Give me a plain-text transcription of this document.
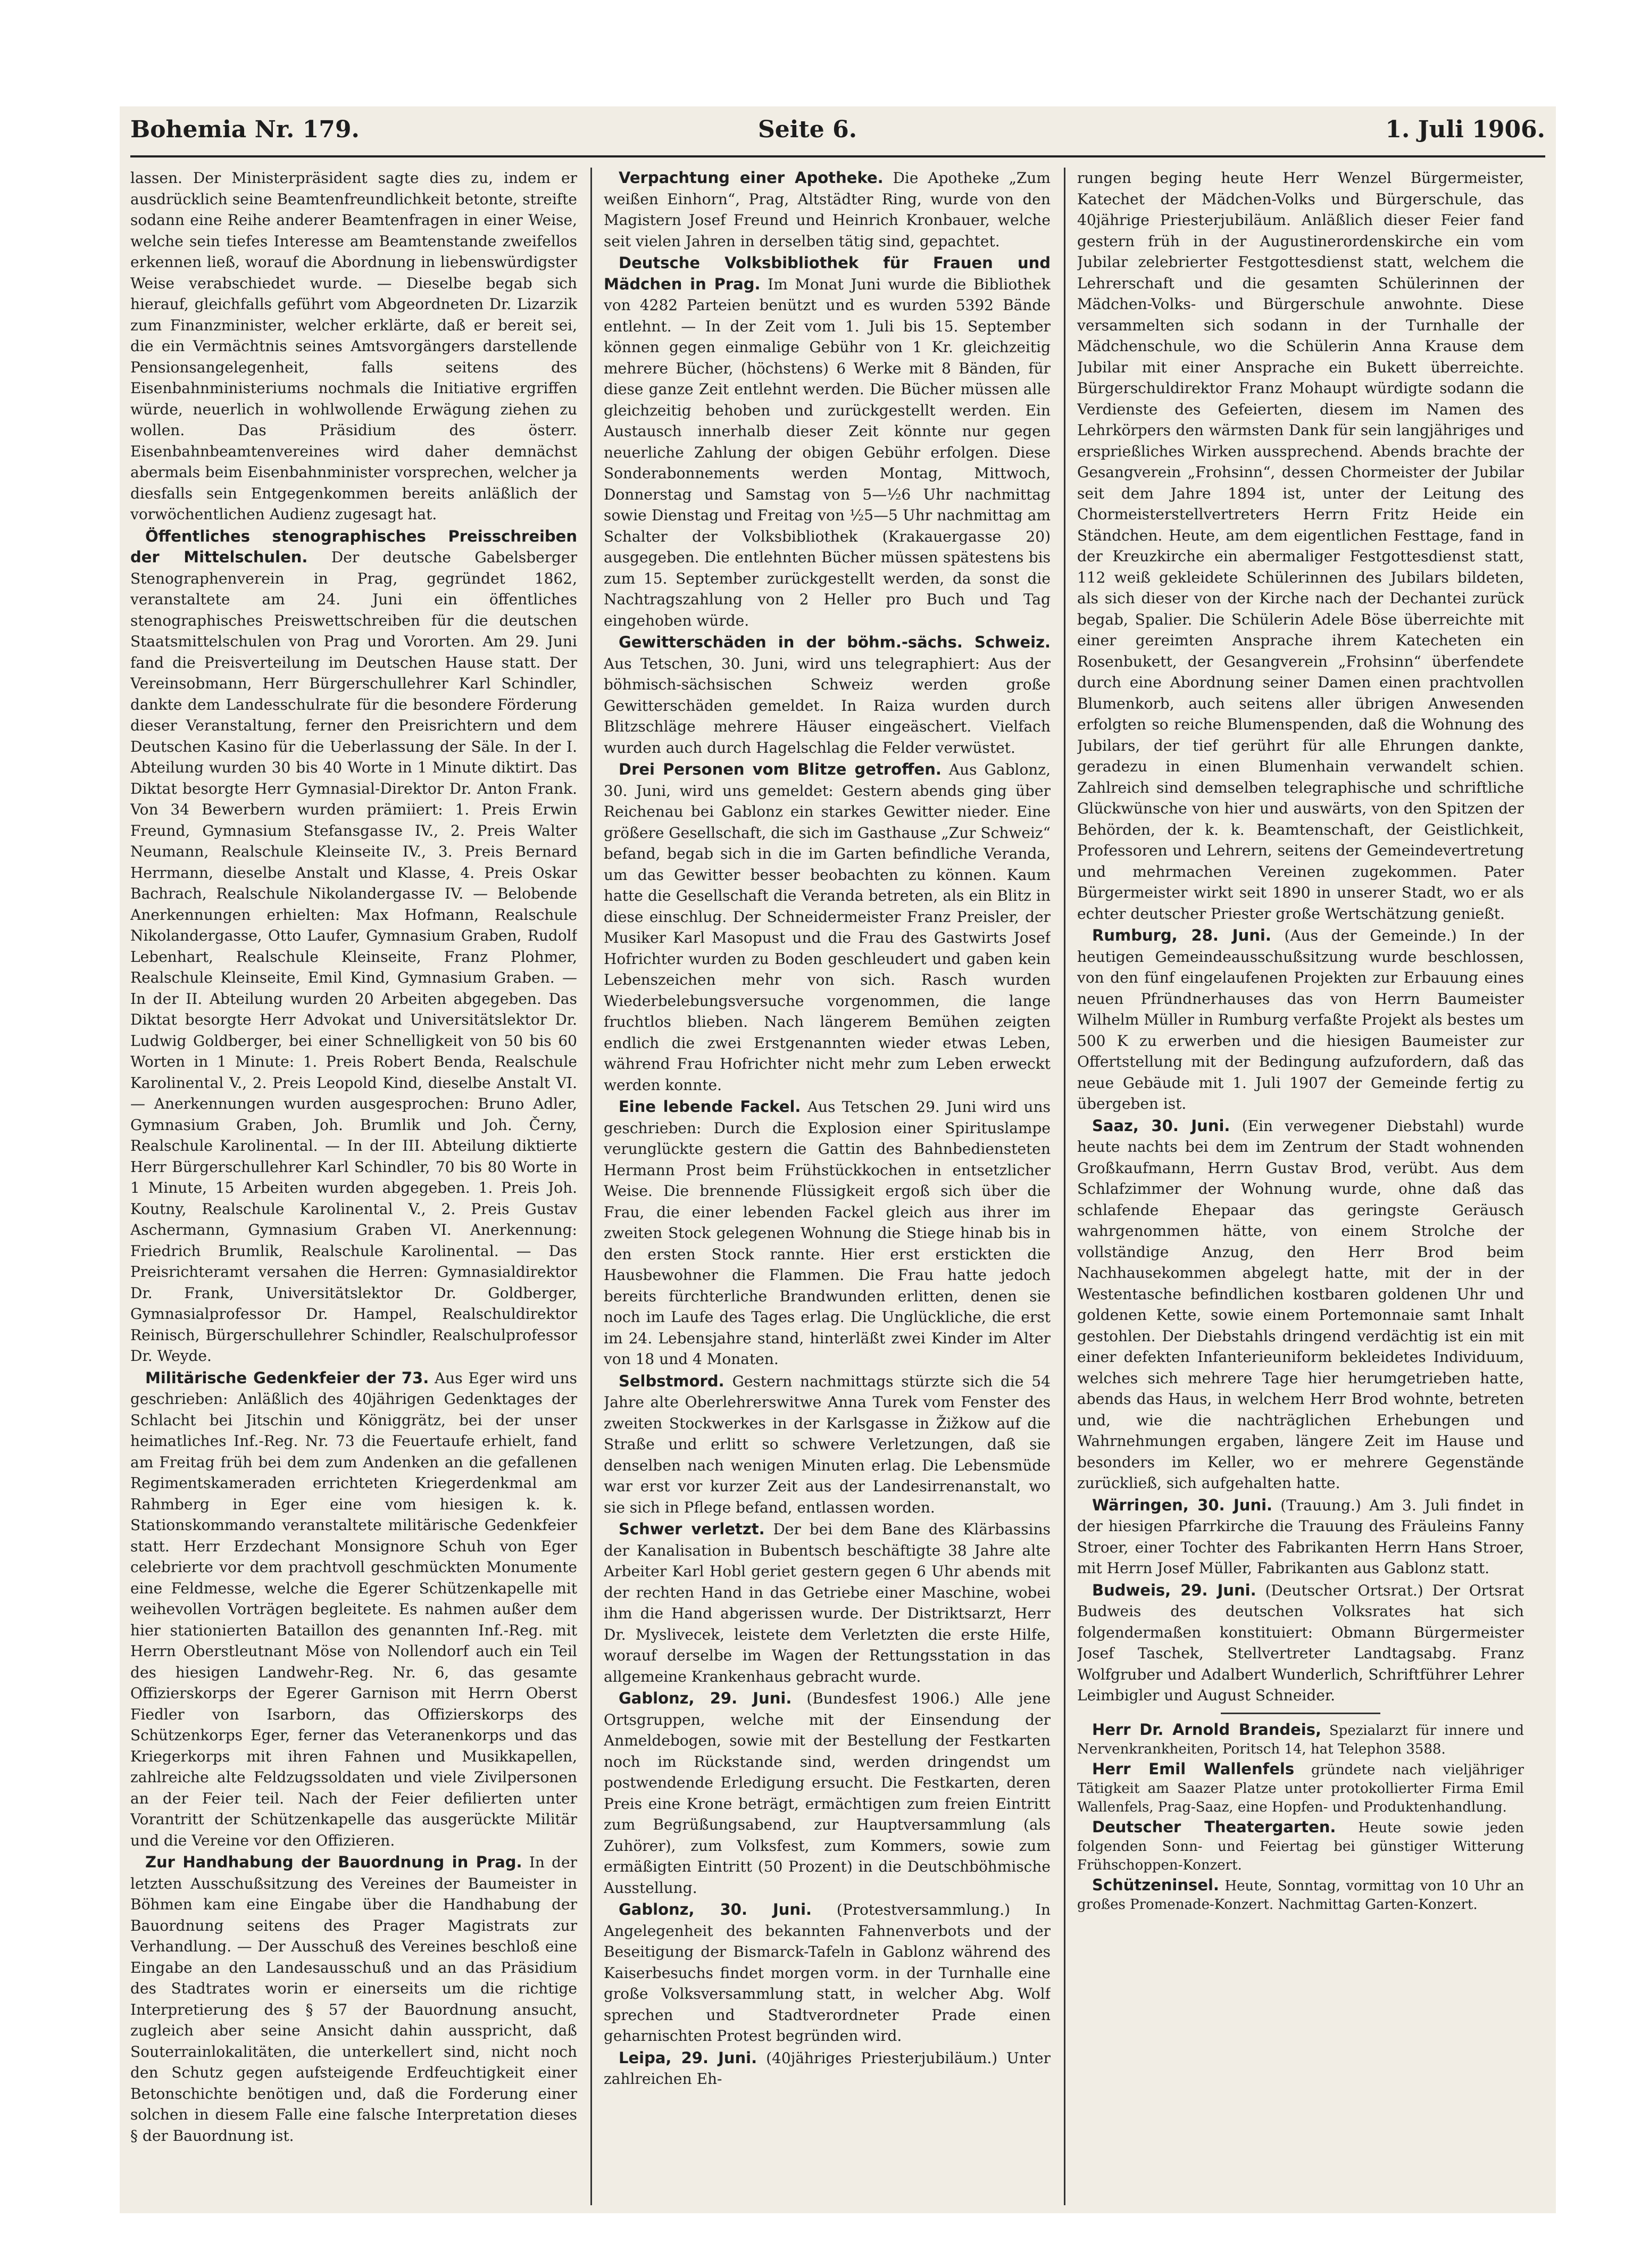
Bohemia Nr. 179.	Seite 6.	1. Juli 1906.

lassen. Der Ministerpräsident sagte dies zu, indem er ausdrücklich seine Beamtenfreundlichkeit betonte, streifte sodann eine Reihe anderer Beamtenfragen in einer Weise, welche sein tiefes Interesse am Beamtenstande zweifellos erkennen ließ, worauf die Abordnung in liebenswürdigster Weise verabschiedet wurde. — Dieselbe begab sich hierauf, gleichfalls geführt vom Abgeordneten Dr. Lizarzik zum Finanzminister, welcher erklärte, daß er bereit sei, die ein Vermächtnis seines Amtsvorgängers darstellende Pensionsangelegenheit, falls seitens des Eisenbahnministeriums nochmals die Initiative ergriffen würde, neuerlich in wohlwollende Erwägung ziehen zu wollen. Das Präsidium des österr. Eisenbahnbeamtenvereines wird daher demnächst abermals beim Eisenbahnminister vorsprechen, welcher ja diesfalls sein Entgegenkommen bereits anläßlich der vorwöchentlichen Audienz zugesagt hat.

Öffentliches stenographisches Preisschreiben der Mittelschulen. Der deutsche Gabelsberger Stenographenverein in Prag, gegründet 1862, veranstaltete am 24. Juni ein öffentliches stenographisches Preiswettschreiben für die deutschen Staatsmittelschulen von Prag und Vororten. Am 29. Juni fand die Preisverteilung im Deutschen Hause statt. Der Vereinsobmann, Herr Bürgerschullehrer Karl Schindler, dankte dem Landesschulrate für die besondere Förderung dieser Veranstaltung, ferner den Preisrichtern und dem Deutschen Kasino für die Ueberlassung der Säle. In der I. Abteilung wurden 30 bis 40 Worte in 1 Minute diktirt. Das Diktat besorgte Herr Gymnasial-Direktor Dr. Anton Frank. Von 34 Bewerbern wurden prämiiert: 1. Preis Erwin Freund, Gymnasium Stefansgasse IV., 2. Preis Walter Neumann, Realschule Kleinseite IV., 3. Preis Bernard Herrmann, dieselbe Anstalt und Klasse, 4. Preis Oskar Bachrach, Realschule Nikolandergasse IV. — Belobende Anerkennungen erhielten: Max Hofmann, Realschule Nikolandergasse, Otto Laufer, Gymnasium Graben, Rudolf Lebenhart, Realschule Kleinseite, Franz Plohmer, Realschule Kleinseite, Emil Kind, Gymnasium Graben. — In der II. Abteilung wurden 20 Arbeiten abgegeben. Das Diktat besorgte Herr Advokat und Universitätslektor Dr. Ludwig Goldberger, bei einer Schnelligkeit von 50 bis 60 Worten in 1 Minute: 1. Preis Robert Benda, Realschule Karolinental V., 2. Preis Leopold Kind, dieselbe Anstalt VI. — Anerkennungen wurden ausgesprochen: Bruno Adler, Gymnasium Graben, Joh. Brumlik und Joh. Černy, Realschule Karolinental. — In der III. Abteilung diktierte Herr Bürgerschullehrer Karl Schindler, 70 bis 80 Worte in 1 Minute, 15 Arbeiten wurden abgegeben. 1. Preis Joh. Koutny, Realschule Karolinental V., 2. Preis Gustav Aschermann, Gymnasium Graben VI. Anerkennung: Friedrich Brumlik, Realschule Karolinental. — Das Preisrichteramt versahen die Herren: Gymnasialdirektor Dr. Frank, Universitätslektor Dr. Goldberger, Gymnasialprofessor Dr. Hampel, Realschuldirektor Reinisch, Bürgerschullehrer Schindler, Realschulprofessor Dr. Weyde.

Militärische Gedenkfeier der 73. Aus Eger wird uns geschrieben: Anläßlich des 40jährigen Gedenktages der Schlacht bei Jitschin und Königgrätz, bei der unser heimatliches Inf.-Reg. Nr. 73 die Feuertaufe erhielt, fand am Freitag früh bei dem zum Andenken an die gefallenen Regimentskameraden errichteten Kriegerdenkmal am Rahmberg in Eger eine vom hiesigen k. k. Stationskommando veranstaltete militärische Gedenkfeier statt. Herr Erzdechant Monsignore Schuh von Eger celebrierte vor dem prachtvoll geschmückten Monumente eine Feldmesse, welche die Egerer Schützenkapelle mit weihevollen Vorträgen begleitete. Es nahmen außer dem hier stationierten Bataillon des genannten Inf.-Reg. mit Herrn Oberstleutnant Möse von Nollendorf auch ein Teil des hiesigen Landwehr-Reg. Nr. 6, das gesamte Offizierskorps der Egerer Garnison mit Herrn Oberst Fiedler von Isarborn, das Offizierskorps des Schützenkorps Eger, ferner das Veteranenkorps und das Kriegerkorps mit ihren Fahnen und Musikkapellen, zahlreiche alte Feldzugssoldaten und viele Zivilpersonen an der Feier teil. Nach der Feier defilierten unter Vorantritt der Schützenkapelle das ausgerückte Militär und die Vereine vor den Offizieren.

Zur Handhabung der Bauordnung in Prag. In der letzten Ausschußsitzung des Vereines der Baumeister in Böhmen kam eine Eingabe über die Handhabung der Bauordnung seitens des Prager Magistrats zur Verhandlung. — Der Ausschuß des Vereines beschloß eine Eingabe an den Landesausschuß und an das Präsidium des Stadtrates worin er einerseits um die richtige Interpretierung des § 57 der Bauordnung ansucht, zugleich aber seine Ansicht dahin ausspricht, daß Souterrainlokalitäten, die unterkellert sind, nicht noch den Schutz gegen aufsteigende Erdfeuchtigkeit einer Betonschichte benötigen und, daß die Forderung einer solchen in diesem Falle eine falsche Interpretation dieses § der Bauordnung ist.

Verpachtung einer Apotheke. Die Apotheke „Zum weißen Einhorn“, Prag, Altstädter Ring, wurde von den Magistern Josef Freund und Heinrich Kronbauer, welche seit vielen Jahren in derselben tätig sind, gepachtet.

Deutsche Volksbibliothek für Frauen und Mädchen in Prag. Im Monat Juni wurde die Bibliothek von 4282 Parteien benützt und es wurden 5392 Bände entlehnt. — In der Zeit vom 1. Juli bis 15. September können gegen einmalige Gebühr von 1 Kr. gleichzeitig mehrere Bücher, (höchstens) 6 Werke mit 8 Bänden, für diese ganze Zeit entlehnt werden. Die Bücher müssen alle gleichzeitig behoben und zurückgestellt werden. Ein Austausch innerhalb dieser Zeit könnte nur gegen neuerliche Zahlung der obigen Gebühr erfolgen. Diese Sonderabonnements werden Montag, Mittwoch, Donnerstag und Samstag von 5—½6 Uhr nachmittag sowie Dienstag und Freitag von ½5—5 Uhr nachmittag am Schalter der Volksbibliothek (Krakauergasse 20) ausgegeben. Die entlehnten Bücher müssen spätestens bis zum 15. September zurückgestellt werden, da sonst die Nachtragszahlung von 2 Heller pro Buch und Tag eingehoben würde.

Gewitterschäden in der böhm.-sächs. Schweiz. Aus Tetschen, 30. Juni, wird uns telegraphiert: Aus der böhmisch-sächsischen Schweiz werden große Gewitterschäden gemeldet. In Raiza wurden durch Blitzschläge mehrere Häuser eingeäschert. Vielfach wurden auch durch Hagelschlag die Felder verwüstet.

Drei Personen vom Blitze getroffen. Aus Gablonz, 30. Juni, wird uns gemeldet: Gestern abends ging über Reichenau bei Gablonz ein starkes Gewitter nieder. Eine größere Gesellschaft, die sich im Gasthause „Zur Schweiz“ befand, begab sich in die im Garten befindliche Veranda, um das Gewitter besser beobachten zu können. Kaum hatte die Gesellschaft die Veranda betreten, als ein Blitz in diese einschlug. Der Schneidermeister Franz Preisler, der Musiker Karl Masopust und die Frau des Gastwirts Josef Hofrichter wurden zu Boden geschleudert und gaben kein Lebenszeichen mehr von sich. Rasch wurden Wiederbelebungsversuche vorgenommen, die lange fruchtlos blieben. Nach längerem Bemühen zeigten endlich die zwei Erstgenannten wieder etwas Leben, während Frau Hofrichter nicht mehr zum Leben erweckt werden konnte.

Eine lebende Fackel. Aus Tetschen 29. Juni wird uns geschrieben: Durch die Explosion einer Spirituslampe verunglückte gestern die Gattin des Bahnbediensteten Hermann Prost beim Frühstückkochen in entsetzlicher Weise. Die brennende Flüssigkeit ergoß sich über die Frau, die einer lebenden Fackel gleich aus ihrer im zweiten Stock gelegenen Wohnung die Stiege hinab bis in den ersten Stock rannte. Hier erst erstickten die Hausbewohner die Flammen. Die Frau hatte jedoch bereits fürchterliche Brandwunden erlitten, denen sie noch im Laufe des Tages erlag. Die Unglückliche, die erst im 24. Lebensjahre stand, hinterläßt zwei Kinder im Alter von 18 und 4 Monaten.

Selbstmord. Gestern nachmittags stürzte sich die 54 Jahre alte Oberlehrerswitwe Anna Turek vom Fenster des zweiten Stockwerkes in der Karlsgasse in Žižkow auf die Straße und erlitt so schwere Verletzungen, daß sie denselben nach wenigen Minuten erlag. Die Lebensmüde war erst vor kurzer Zeit aus der Landesirrenanstalt, wo sie sich in Pflege befand, entlassen worden.

Schwer verletzt. Der bei dem Bane des Klärbassins der Kanalisation in Bubentsch beschäftigte 38 Jahre alte Arbeiter Karl Hobl geriet gestern gegen 6 Uhr abends mit der rechten Hand in das Getriebe einer Maschine, wobei ihm die Hand abgerissen wurde. Der Distriktsarzt, Herr Dr. Myslivecek, leistete dem Verletzten die erste Hilfe, worauf derselbe im Wagen der Rettungsstation in das allgemeine Krankenhaus gebracht wurde.

Gablonz, 29. Juni. (Bundesfest 1906.) Alle jene Ortsgruppen, welche mit der Einsendung der Anmeldebogen, sowie mit der Bestellung der Festkarten noch im Rückstande sind, werden dringendst um postwendende Erledigung ersucht. Die Festkarten, deren Preis eine Krone beträgt, ermächtigen zum freien Eintritt zum Begrüßungsabend, zur Hauptversammlung (als Zuhörer), zum Volksfest, zum Kommers, sowie zum ermäßigten Eintritt (50 Prozent) in die Deutschböhmische Ausstellung.

Gablonz, 30. Juni. (Protestversammlung.) In Angelegenheit des bekannten Fahnenverbots und der Beseitigung der Bismarck-Tafeln in Gablonz während des Kaiserbesuchs findet morgen vorm. in der Turnhalle eine große Volksversammlung statt, in welcher Abg. Wolf sprechen und Stadtverordneter Prade einen geharnischten Protest begründen wird.

Leipa, 29. Juni. (40jähriges Priesterjubiläum.) Unter zahlreichen Eh-

rungen beging heute Herr Wenzel Bürgermeister, Katechet der Mädchen-Volks und Bürgerschule, das 40jährige Priesterjubiläum. Anläßlich dieser Feier fand gestern früh in der Augustinerordenskirche ein vom Jubilar zelebrierter Festgottesdienst statt, welchem die Lehrerschaft und die gesamten Schülerinnen der Mädchen-Volks- und Bürgerschule anwohnte. Diese versammelten sich sodann in der Turnhalle der Mädchenschule, wo die Schülerin Anna Krause dem Jubilar mit einer Ansprache ein Bukett überreichte. Bürgerschuldirektor Franz Mohaupt würdigte sodann die Verdienste des Gefeierten, diesem im Namen des Lehrkörpers den wärmsten Dank für sein langjähriges und ersprießliches Wirken aussprechend. Abends brachte der Gesangverein „Frohsinn“, dessen Chormeister der Jubilar seit dem Jahre 1894 ist, unter der Leitung des Chormeisterstellvertreters Herrn Fritz Heide ein Ständchen. Heute, am dem eigentlichen Festtage, fand in der Kreuzkirche ein abermaliger Festgottesdienst statt, 112 weiß gekleidete Schülerinnen des Jubilars bildeten, als sich dieser von der Kirche nach der Dechantei zurück begab, Spalier. Die Schülerin Adele Böse überreichte mit einer gereimten Ansprache ihrem Katecheten ein Rosenbukett, der Gesangverein „Frohsinn“ überfendete durch eine Abordnung seiner Damen einen prachtvollen Blumenkorb, auch seitens aller übrigen Anwesenden erfolgten so reiche Blumenspenden, daß die Wohnung des Jubilars, der tief gerührt für alle Ehrungen dankte, geradezu in einen Blumenhain verwandelt schien. Zahlreich sind demselben telegraphische und schriftliche Glückwünsche von hier und auswärts, von den Spitzen der Behörden, der k. k. Beamtenschaft, der Geistlichkeit, Professoren und Lehrern, seitens der Gemeindevertretung und mehrmachen Vereinen zugekommen. Pater Bürgermeister wirkt seit 1890 in unserer Stadt, wo er als echter deutscher Priester große Wertschätzung genießt.

Rumburg, 28. Juni. (Aus der Gemeinde.) In der heutigen Gemeindeausschußsitzung wurde beschlossen, von den fünf eingelaufenen Projekten zur Erbauung eines neuen Pfründnerhauses das von Herrn Baumeister Wilhelm Müller in Rumburg verfaßte Projekt als bestes um 500 K zu erwerben und die hiesigen Baumeister zur Offertstellung mit der Bedingung aufzufordern, daß das neue Gebäude mit 1. Juli 1907 der Gemeinde fertig zu übergeben ist.

Saaz, 30. Juni. (Ein verwegener Diebstahl) wurde heute nachts bei dem im Zentrum der Stadt wohnenden Großkaufmann, Herrn Gustav Brod, verübt. Aus dem Schlafzimmer der Wohnung wurde, ohne daß das schlafende Ehepaar das geringste Geräusch wahrgenommen hätte, von einem Strolche der vollständige Anzug, den Herr Brod beim Nachhausekommen abgelegt hatte, mit der in der Westentasche befindlichen kostbaren goldenen Uhr und goldenen Kette, sowie einem Portemonnaie samt Inhalt gestohlen. Der Diebstahls dringend verdächtig ist ein mit einer defekten Infanterieuniform bekleidetes Individuum, welches sich mehrere Tage hier herumgetrieben hatte, abends das Haus, in welchem Herr Brod wohnte, betreten und, wie die nachträglichen Erhebungen und Wahrnehmungen ergaben, längere Zeit im Hause und besonders im Keller, wo er mehrere Gegenstände zurückließ, sich aufgehalten hatte.

Wärringen, 30. Juni. (Trauung.) Am 3. Juli findet in der hiesigen Pfarrkirche die Trauung des Fräuleins Fanny Stroer, einer Tochter des Fabrikanten Herrn Hans Stroer, mit Herrn Josef Müller, Fabrikanten aus Gablonz statt.

Budweis, 29. Juni. (Deutscher Ortsrat.) Der Ortsrat Budweis des deutschen Volksrates hat sich folgendermaßen konstituiert: Obmann Bürgermeister Josef Taschek, Stellvertreter Landtagsabg. Franz Wolfgruber und Adalbert Wunderlich, Schriftführer Lehrer Leimbigler und August Schneider.

Herr Dr. Arnold Brandeis, Spezialarzt für innere und Nervenkrankheiten, Poritsch 14, hat Telephon 3588.

Herr Emil Wallenfels gründete nach vieljähriger Tätigkeit am Saazer Platze unter protokollierter Firma Emil Wallenfels, Prag-Saaz, eine Hopfen- und Produktenhandlung.

Deutscher Theatergarten. Heute sowie jeden folgenden Sonn- und Feiertag bei günstiger Witterung Frühschoppen-Konzert.

Schützeninsel. Heute, Sonntag, vormittag von 10 Uhr an großes Promenade-Konzert. Nachmittag Garten-Konzert.
